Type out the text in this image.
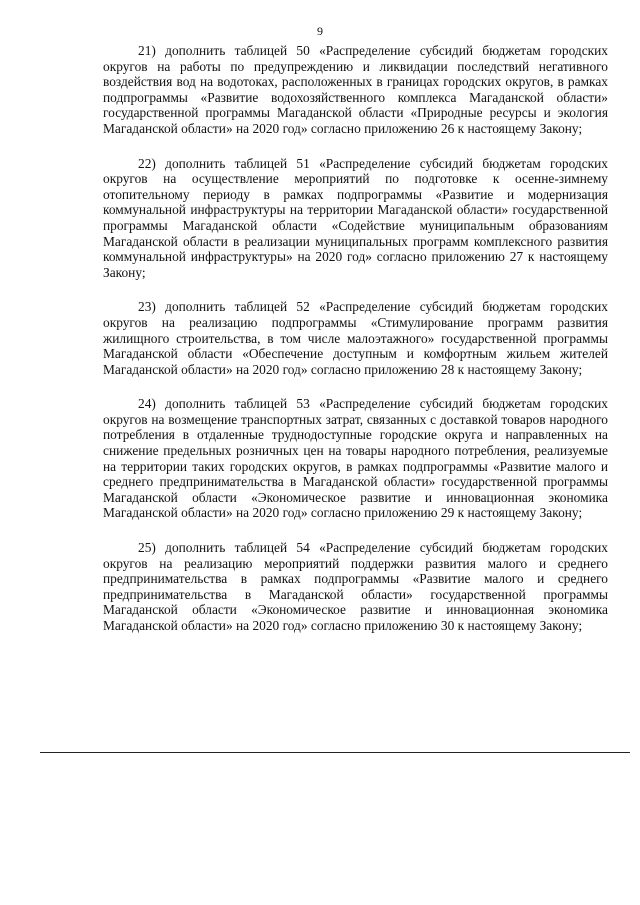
9

21) дополнить таблицей 50 «Распределение субсидий бюджетам городских округов на работы по предупреждению и ликвидации последствий негативного воздействия вод на водотоках, расположенных в границах городских округов, в рамках подпрограммы «Развитие водохозяйственного комплекса Магаданской области» государственной программы Магаданской области «Природные ресурсы и экология Магаданской области» на 2020 год» согласно приложению 26 к настоящему Закону;

22) дополнить таблицей 51 «Распределение субсидий бюджетам городских округов на осуществление мероприятий по подготовке к осенне-зимнему отопительному периоду в рамках подпрограммы «Развитие и модернизация коммунальной инфраструктуры на территории Магаданской области» государственной программы Магаданской области «Содействие муниципальным образованиям Магаданской области в реализации муниципальных программ комплексного развития коммунальной инфраструктуры» на 2020 год» согласно приложению 27 к настоящему Закону;

23) дополнить таблицей 52 «Распределение субсидий бюджетам городских округов на реализацию подпрограммы «Стимулирование программ развития жилищного строительства, в том числе малоэтажного» государственной программы Магаданской области «Обеспечение доступным и комфортным жильем жителей Магаданской области» на 2020 год» согласно приложению 28 к настоящему Закону;

24) дополнить таблицей 53 «Распределение субсидий бюджетам городских округов на возмещение транспортных затрат, связанных с доставкой товаров народного потребления в отдаленные труднодоступные городские округа и направленных на снижение предельных розничных цен на товары народного потребления, реализуемые на территории таких городских округов, в рамках подпрограммы «Развитие малого и среднего предпринимательства в Магаданской области» государственной программы Магаданской области «Экономическое развитие и инновационная экономика Магаданской области» на 2020 год» согласно приложению 29 к настоящему Закону;

25) дополнить таблицей 54 «Распределение субсидий бюджетам городских округов на реализацию мероприятий поддержки развития малого и среднего предпринимательства в рамках подпрограммы «Развитие малого и среднего предпринимательства в Магаданской области» государственной программы Магаданской области «Экономическое развитие и инновационная экономика Магаданской области» на 2020 год» согласно приложению 30 к настоящему Закону;
